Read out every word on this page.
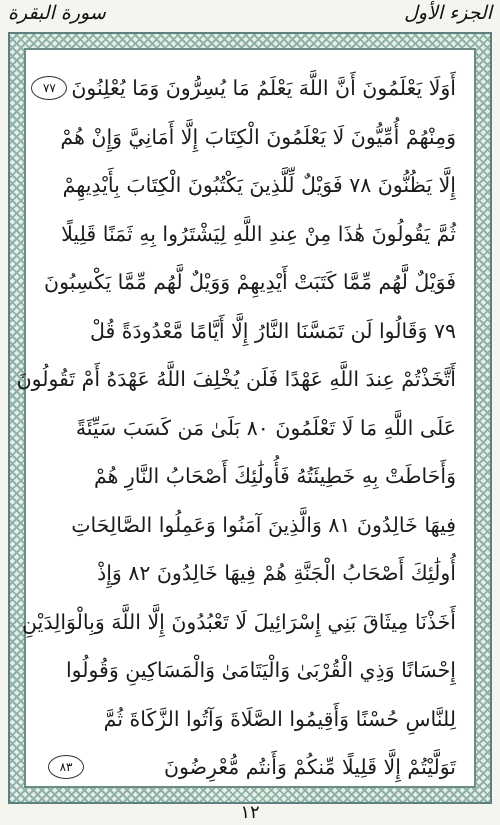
سورة البقرة	الجزء الأول
أَوَلَا يَعْلَمُونَ أَنَّ اللَّهَ يَعْلَمُ مَا يُسِرُّونَ وَمَا يُعْلِنُونَ
٧٧
وَمِنْهُمْ أُمِّيُّونَ لَا يَعْلَمُونَ الْكِتَابَ إِلَّا أَمَانِيَّ وَإِنْ هُمْ
إِلَّا يَظُنُّونَ ٧٨ فَوَيْلٌ لِّلَّذِينَ يَكْتُبُونَ الْكِتَابَ بِأَيْدِيهِمْ
ثُمَّ يَقُولُونَ هَٰذَا مِنْ عِندِ اللَّهِ لِيَشْتَرُوا بِهِ ثَمَنًا قَلِيلًا
فَوَيْلٌ لَّهُم مِّمَّا كَتَبَتْ أَيْدِيهِمْ وَوَيْلٌ لَّهُم مِّمَّا يَكْسِبُونَ
٧٩ وَقَالُوا لَن تَمَسَّنَا النَّارُ إِلَّا أَيَّامًا مَّعْدُودَةً قُلْ
أَتَّخَذْتُمْ عِندَ اللَّهِ عَهْدًا فَلَن يُخْلِفَ اللَّهُ عَهْدَهُ أَمْ تَقُولُونَ
عَلَى اللَّهِ مَا لَا تَعْلَمُونَ ٨٠ بَلَىٰ مَن كَسَبَ سَيِّئَةً
وَأَحَاطَتْ بِهِ خَطِيئَتُهُ فَأُولَٰئِكَ أَصْحَابُ النَّارِ هُمْ
فِيهَا خَالِدُونَ ٨١ وَالَّذِينَ آمَنُوا وَعَمِلُوا الصَّالِحَاتِ
أُولَٰئِكَ أَصْحَابُ الْجَنَّةِ هُمْ فِيهَا خَالِدُونَ ٨٢ وَإِذْ
أَخَذْنَا مِيثَاقَ بَنِي إِسْرَائِيلَ لَا تَعْبُدُونَ إِلَّا اللَّهَ وَبِالْوَالِدَيْنِ
إِحْسَانًا وَذِي الْقُرْبَىٰ وَالْيَتَامَىٰ وَالْمَسَاكِينِ وَقُولُوا
لِلنَّاسِ حُسْنًا وَأَقِيمُوا الصَّلَاةَ وَآتُوا الزَّكَاةَ ثُمَّ
تَوَلَّيْتُمْ إِلَّا قَلِيلًا مِّنكُمْ وَأَنتُم مُّعْرِضُونَ
٨٣
١٢
